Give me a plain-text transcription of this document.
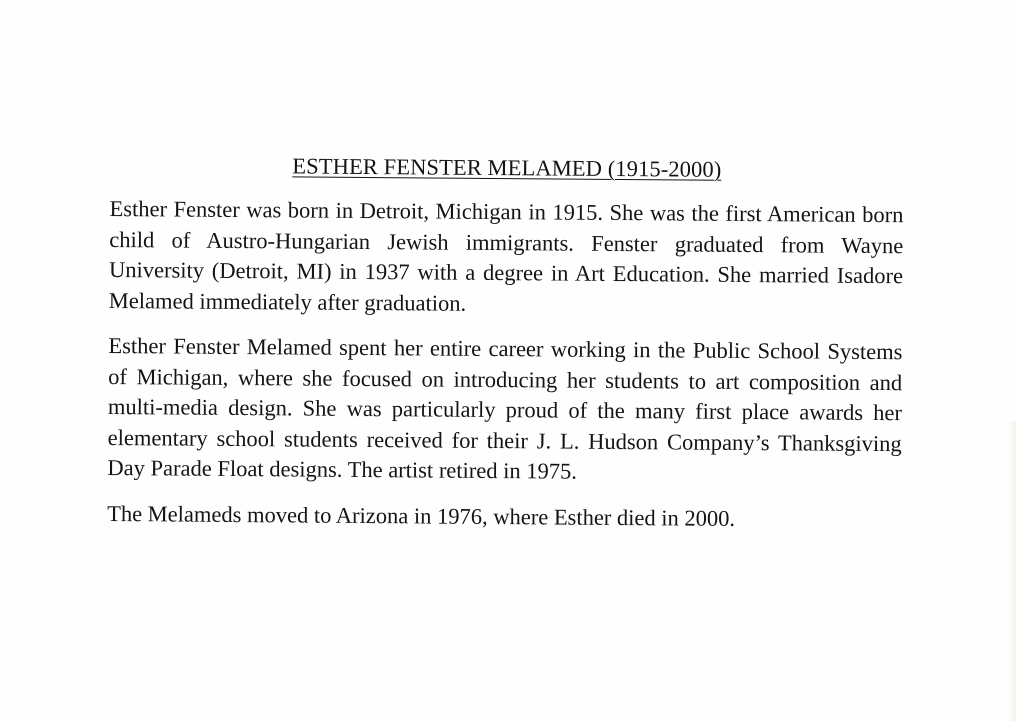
ESTHER FENSTER MELAMED (1915-2000)

Esther Fenster was born in Detroit, Michigan in 1915. She was the first American born child of Austro-Hungarian Jewish immigrants. Fenster graduated from Wayne University (Detroit, MI) in 1937 with a degree in Art Education. She married Isadore Melamed immediately after graduation.

Esther Fenster Melamed spent her entire career working in the Public School Systems of Michigan, where she focused on introducing her students to art composition and multi-media design. She was particularly proud of the many first place awards her elementary school students received for their J. L. Hudson Company’s Thanksgiving Day Parade Float designs. The artist retired in 1975.

The Melameds moved to Arizona in 1976, where Esther died in 2000.
